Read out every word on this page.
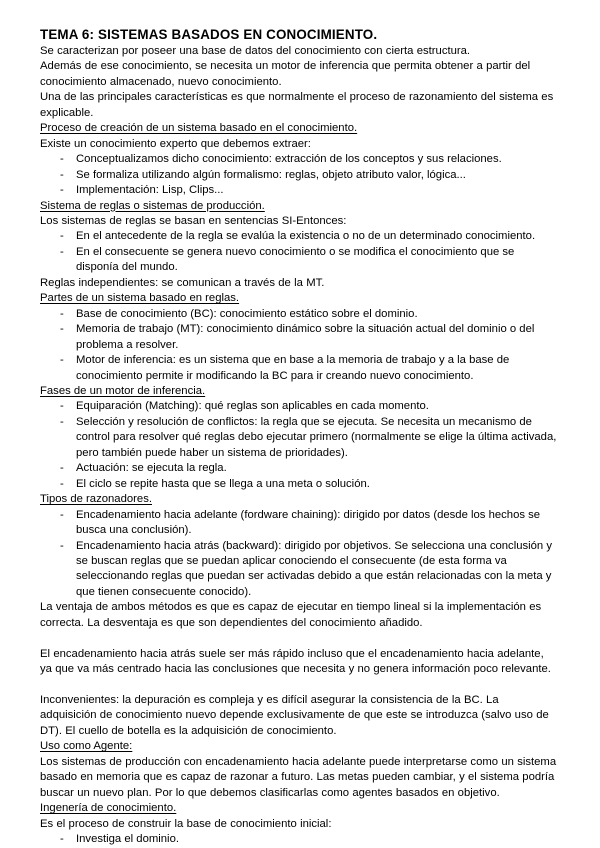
TEMA 6: SISTEMAS BASADOS EN CONOCIMIENTO.

Se caracterizan por poseer una base de datos del conocimiento con cierta estructura.

Además de ese conocimiento, se necesita un motor de inferencia que permita obtener a partir del conocimiento almacenado, nuevo conocimiento.

Una de las principales características es que normalmente el proceso de razonamiento del sistema es explicable.

Proceso de creación de un sistema basado en el conocimiento.

Existe un conocimiento experto que debemos extraer:

- Conceptualizamos dicho conocimiento: extracción de los conceptos y sus relaciones.

- Se formaliza utilizando algún formalismo: reglas, objeto atributo valor, lógica...

- Implementación: Lisp, Clips...

Sistema de reglas o sistemas de producción.

Los sistemas de reglas se basan en sentencias SI-Entonces:

- En el antecedente de la regla se evalúa la existencia o no de un determinado conocimiento.

- En el consecuente se genera nuevo conocimiento o se modifica el conocimiento que se disponía del mundo.

Reglas independientes: se comunican a través de la MT.

Partes de un sistema basado en reglas.

- Base de conocimiento (BC): conocimiento estático sobre el dominio.

- Memoria de trabajo (MT): conocimiento dinámico sobre la situación actual del dominio o del problema a resolver.

- Motor de inferencia: es un sistema que en base a la memoria de trabajo y a la base de conocimiento permite ir modificando la BC para ir creando nuevo conocimiento.

Fases de un motor de inferencia.

- Equiparación (Matching): qué reglas son aplicables en cada momento.

- Selección y resolución de conflictos: la regla que se ejecuta. Se necesita un mecanismo de control para resolver qué reglas debo ejecutar primero (normalmente se elige la última activada, pero también puede haber un sistema de prioridades).

- Actuación: se ejecuta la regla.

- El ciclo se repite hasta que se llega a una meta o solución.

Tipos de razonadores.

- Encadenamiento hacia adelante (fordware chaining): dirigido por datos (desde los hechos se busca una conclusión).

- Encadenamiento hacia atrás (backward): dirigido por objetivos. Se selecciona una conclusión y se buscan reglas que se puedan aplicar conociendo el consecuente (de esta forma va seleccionando reglas que puedan ser activadas debido a que están relacionadas con la meta y que tienen consecuente conocido).

La ventaja de ambos métodos es que es capaz de ejecutar en tiempo lineal si la implementación es correcta. La desventaja es que son dependientes del conocimiento añadido.

El encadenamiento hacia atrás suele ser más rápido incluso que el encadenamiento hacia adelante, ya que va más centrado hacia las conclusiones que necesita y no genera información poco relevante.

Inconvenientes: la depuración es compleja y es difícil asegurar la consistencia de la BC. La adquisición de conocimiento nuevo depende exclusivamente de que este se introduzca (salvo uso de DT). El cuello de botella es la adquisición de conocimiento.

Uso como Agente:

Los sistemas de producción con encadenamiento hacia adelante puede interpretarse como un sistema basado en memoria que es capaz de razonar a futuro. Las metas pueden cambiar, y el sistema podría buscar un nuevo plan. Por lo que debemos clasificarlas como agentes basados en objetivo.

Ingenería de conocimiento.

Es el proceso de construir la base de conocimiento inicial:

- Investiga el dominio.
